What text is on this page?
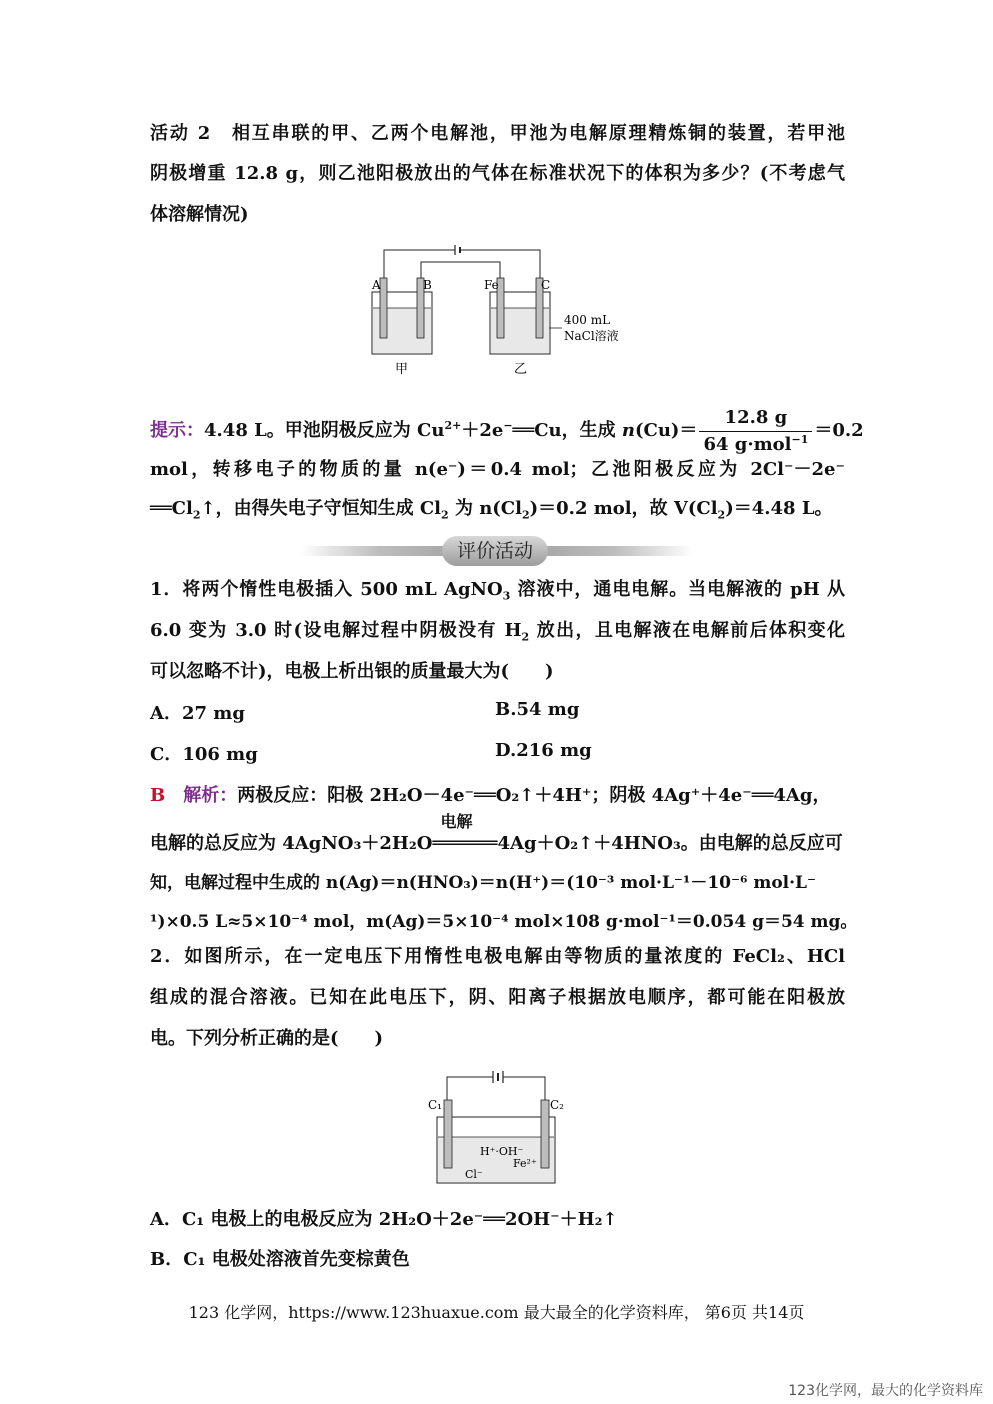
活动 2　 相互串联的甲、乙两个电解池，甲池为电解原理精炼铜的装置，若甲池
阴极增重 12.8 g，则乙池阳极放出的气体在标准状况下的体积为多少？(不考虑气
体溶解情况)
A	B	Fe	C
400 mL
NaCl溶液
甲	乙
提示：4.48 L。甲池阴极反应为 $Cu^{2+}+2e^-══Cu$，生成 $n(Cu)= \frac{12.8 g}{64 g\cdot mol^{-1}} =0.2$
mol，转移电子的物质的量 n(e⁻)＝0.4 mol；乙池阳极反应为 2Cl⁻－2e⁻
$══Cl_2↑$，由得失电子守恒知生成 $Cl_2$ 为 $n(Cl_2)=0.2$ mol，故 $V(Cl_2)=4.48$ L。
评价活动
1．将两个惰性电极插入 500 mL AgNO$_3$ 溶液中，通电电解。当电解液的 pH 从
6.0 变为 3.0 时(设电解过程中阴极没有 $H_2$ 放出，且电解液在电解前后体积变化
可以忽略不计)，电极上析出银的质量最大为(　　)
A．27 mg	B.54 mg
C．106 mg	D.216 mg
B　 解析：两极反应：阳极 2H₂O－4e⁻══O₂↑＋4H⁺；阴极 4Ag⁺＋4e⁻══4Ag，
电解的总反应为 4AgNO₃＋2H₂O
电解
══════4Ag＋O₂↑＋4HNO₃。由电解的总反应可
知，电解过程中生成的 n(Ag)＝n(HNO₃)＝n(H⁺)＝(10⁻³ mol·L⁻¹－10⁻⁶ mol·L⁻
¹)×0.5 L≈5×10⁻⁴ mol，m(Ag)＝5×10⁻⁴ mol×108 g·mol⁻¹＝0.054 g＝54 mg。
2．如图所示，在一定电压下用惰性电极电解由等物质的量浓度的 FeCl₂、HCl
组成的混合溶液。已知在此电压下，阴、阳离子根据放电顺序，都可能在阳极放
电。下列分析正确的是(　　)
C₁	C₂
H⁺·OH⁻
Fe²⁺
Cl⁻
A．C₁ 电极上的电极反应为 2H₂O＋2e⁻══2OH⁻＋H₂↑
B．C₁ 电极处溶液首先变棕黄色
123 化学网，https://www.123huaxue.com 最大最全的化学资料库， 第6页 共14页
123化学网，最大的化学资料库
